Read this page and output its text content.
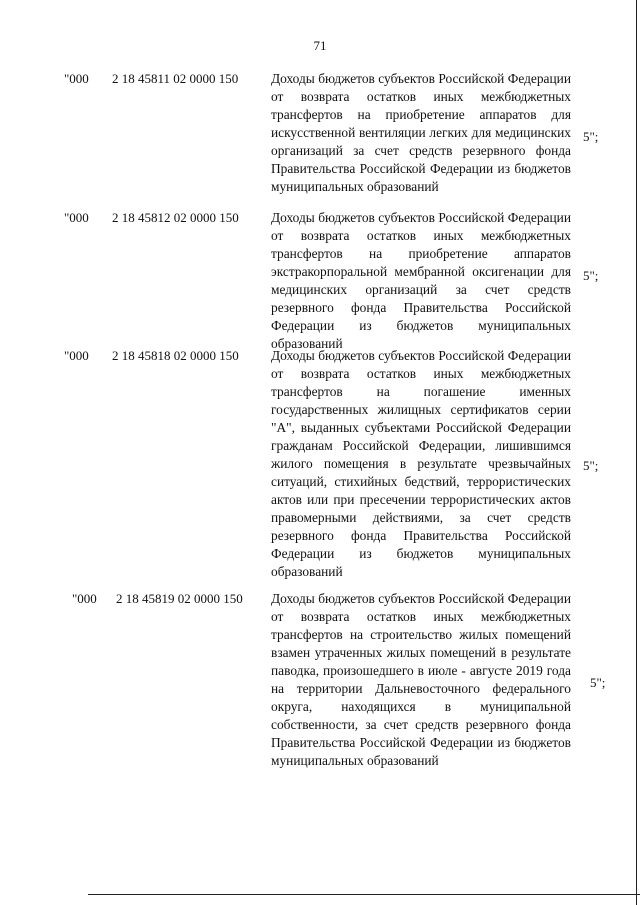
71
"000 2 18 45811 02 0000 150 Доходы бюджетов субъектов Российской Федерации от возврата остатков иных межбюджетных трансфертов на приобретение аппаратов для искусственной вентиляции легких для медицинских организаций за счет средств резервного фонда Правительства Российской Федерации из бюджетов муниципальных образований
5";
"000 2 18 45812 02 0000 150 Доходы бюджетов субъектов Российской Федерации от возврата остатков иных межбюджетных трансфертов на приобретение аппаратов экстракорпоральной мембранной оксигенации для медицинских организаций за счет средств резервного фонда Правительства Российской Федерации из бюджетов муниципальных образований
5";
"000 2 18 45818 02 0000 150 Доходы бюджетов субъектов Российской Федерации от возврата остатков иных межбюджетных трансфертов на погашение именных государственных жилищных сертификатов серии "А", выданных субъектами Российской Федерации гражданам Российской Федерации, лишившимся жилого помещения в результате чрезвычайных ситуаций, стихийных бедствий, террористических актов или при пресечении террористических актов правомерными действиями, за счет средств резервного фонда Правительства Российской Федерации из бюджетов муниципальных образований
5";
"000 2 18 45819 02 0000 150 Доходы бюджетов субъектов Российской Федерации от возврата остатков иных межбюджетных трансфертов на строительство жилых помещений взамен утраченных жилых помещений в результате паводка, произошедшего в июле - августе 2019 года на территории Дальневосточного федерального округа, находящихся в муниципальной собственности, за счет средств резервного фонда Правительства Российской Федерации из бюджетов муниципальных образований
5";
